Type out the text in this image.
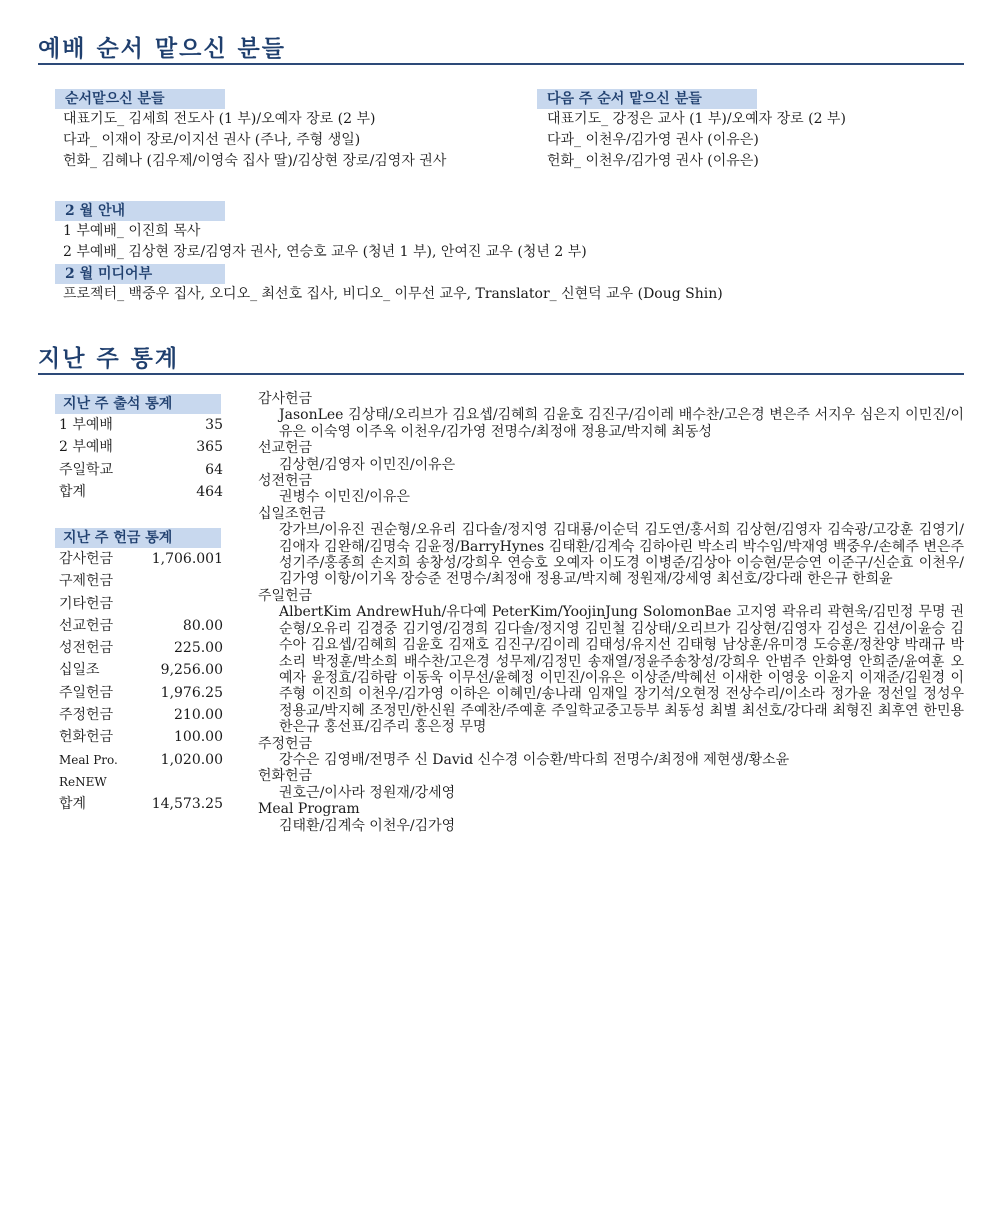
예배 순서 맡으신 분들
순서맡으신 분들
대표기도_ 김세희 전도사 (1 부)/오예자 장로 (2 부)
다과_ 이재이 장로/이지선 권사 (주나, 주형 생일)
헌화_ 김혜나 (김우제/이영숙 집사 딸)/김상현 장로/김영자 권사
다음 주 순서 맡으신 분들
대표기도_ 강정은 교사 (1 부)/오예자 장로 (2 부)
다과_ 이천우/김가영 권사 (이유은)
헌화_ 이천우/김가영 권사 (이유은)
2 월 안내
1 부예배_ 이진희 목사
2 부예배_ 김상현 장로/김영자 권사, 연승호 교우 (청년 1 부), 안여진 교우 (청년 2 부)
2 월 미디어부
프로젝터_ 백중우 집사, 오디오_ 최선호 집사, 비디오_ 이무선 교우, Translator_ 신현덕 교우 (Doug Shin)
지난 주 통계
지난 주 출석 통계
1 부예배	35
2 부예배	365
주일학교	64
합계	464
지난 주 헌금 통계
감사헌금	1,706.001
구제헌금	
기타헌금	
선교헌금	80.00
성전헌금	225.00
십일조	9,256.00
주일헌금	1,976.25
주정헌금	210.00
헌화헌금	100.00
Meal Pro.	1,020.00
ReNEW	
합계	14,573.25
감사헌금
JasonLee 김상태/오리브가 김요셉/김혜희 김윤호 김진구/김이레 배수찬/고은경 변은주 서지우 심은지 이민진/이유은 이숙영 이주옥 이천우/김가영 전명수/최정애 정용교/박지혜 최동성
선교헌금
김상현/김영자 이민진/이유은
성전헌금
권병수 이민진/이유은
십일조헌금
강가브/이유진 권순형/오유리 김다솔/정지영 김대룡/이순덕 김도연/홍서희 김상현/김영자 김숙광/고강훈 김영기/김애자 김완해/김명숙 김윤정/BarryHynes 김태환/김계숙 김하아린 박소리 박수임/박재영 백중우/손혜주 변은주 성기주/홍종희 손지희 송창성/강희우 연승호 오예자 이도경 이병준/김상아 이승현/문승연 이준구/신순효 이천우/김가영 이항/이기옥 장승준 전명수/최정애 정용교/박지혜 정원재/강세영 최선호/강다래 한은규 한희윤
주일헌금
AlbertKim AndrewHuh/유다예 PeterKim/YoojinJung SolomonBae 고지영 곽유리 곽현욱/김민정 무명 권순형/오유리 김경중 김기영/김경희 김다솔/정지영 김민철 김상태/오리브가 김상현/김영자 김성은 김션/이윤승 김수아 김요셉/김혜희 김윤호 김재호 김진구/김이레 김태성/유지선 김태형 남상훈/유미경 도승훈/정찬양 박래규 박소리 박정훈/박소희 배수찬/고은경 성무제/김정민 송재열/정윤주송창성/강희우 안범주 안화영 안희준/윤여훈 오예자 윤정효/김하람 이동욱 이무선/윤혜정 이민진/이유은 이상준/박혜선 이새한 이영웅 이윤지 이재준/김원경 이주형 이진희 이천우/김가영 이하은 이혜민/송나래 임재일 장기석/오현정 전상수리/이소라 정가윤 정선일 정성우 정용교/박지혜 조정민/한신원 주예찬/주예훈 주일학교중고등부 최동성 최별 최선호/강다래 최형진 최후연 한민용 한은규 홍선표/김주리 홍은정 무명
주정헌금
강수은 김영배/전명주 신 David 신수경 이승환/박다희 전명수/최정애 제현생/황소윤
헌화헌금
권호근/이사라 정원재/강세영
Meal Program
김태환/김계숙 이천우/김가영
